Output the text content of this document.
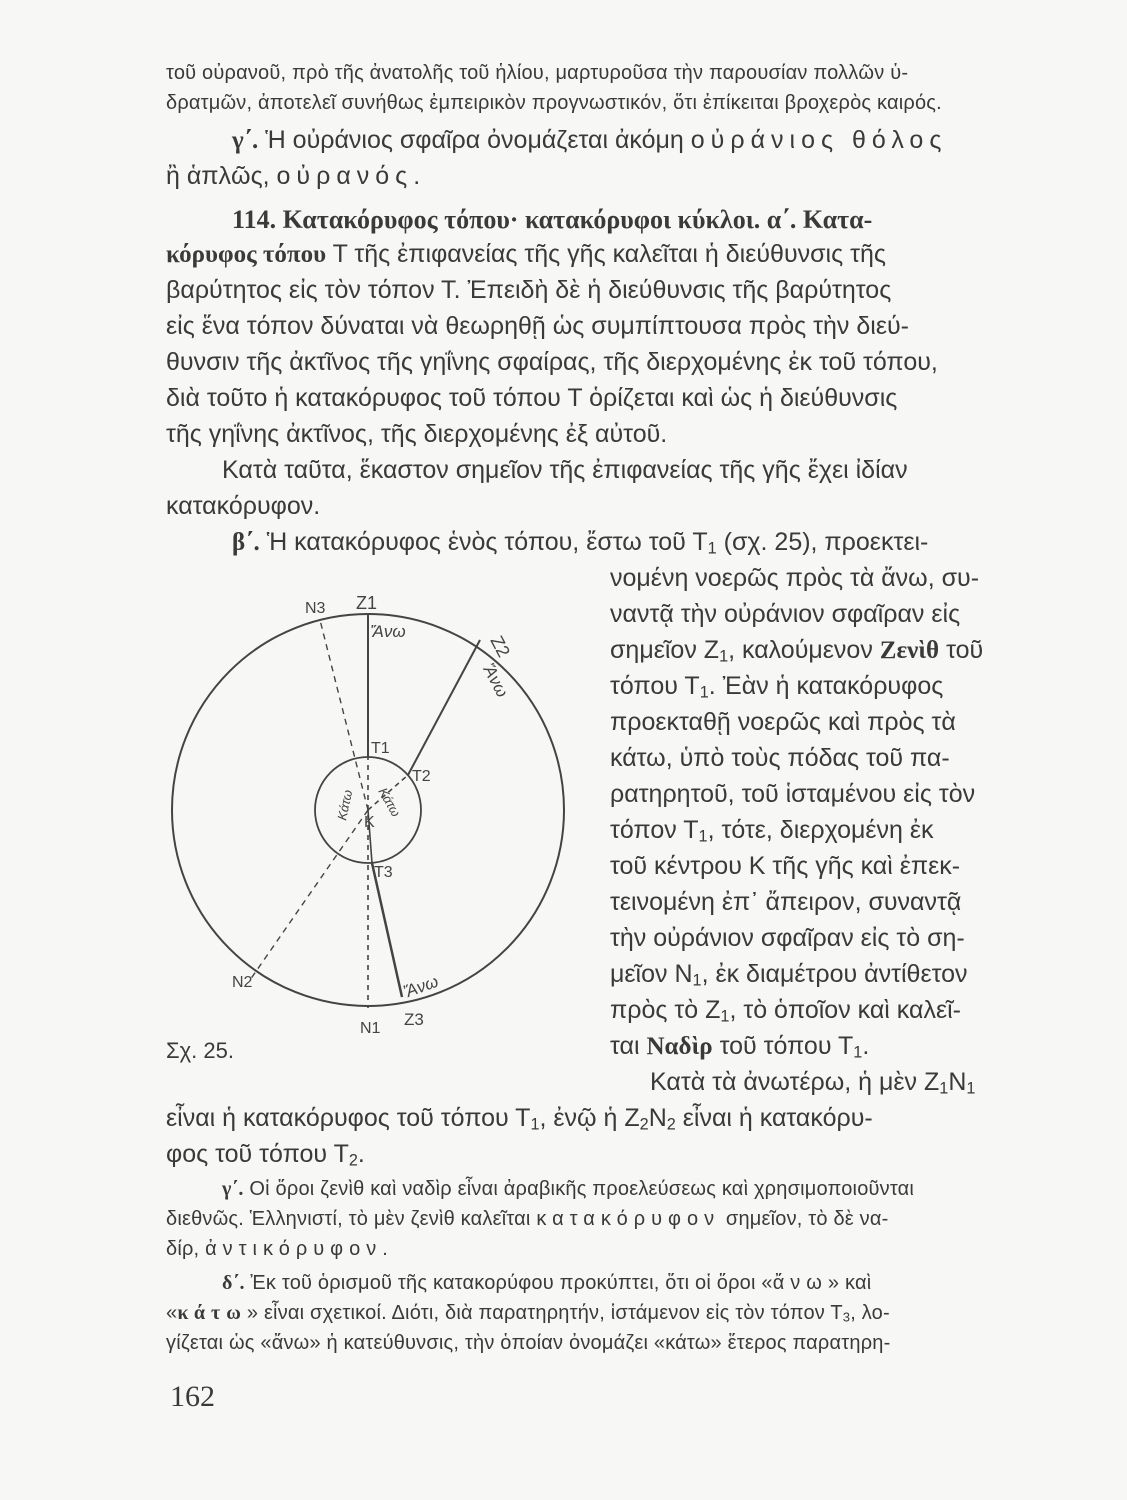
τοῦ οὐρανοῦ, πρὸ τῆς ἀνατολῆς τοῦ ἡλίου, μαρτυροῦσα τὴν παρουσίαν πολλῶν ὑ-
δρατμῶν, ἀποτελεῖ συνήθως ἐμπειρικὸν προγνωστικόν, ὅτι ἐπίκειται βροχερὸς καιρός.
γ΄. Ἡ οὐράνιος σφαῖρα ὀνομάζεται ἀκόμη οὐράνιος θόλος
ἢ ἁπλῶς, οὐρανός.
114. Κατακόρυφος τόπου· κατακόρυφοι κύκλοι. α΄. Κατα-
κόρυφος τόπου Τ τῆς ἐπιφανείας τῆς γῆς καλεῖται ἡ διεύθυνσις τῆς
βαρύτητος εἰς τὸν τόπον Τ. Ἐπειδὴ δὲ ἡ διεύθυνσις τῆς βαρύτητος
εἰς ἕνα τόπον δύναται νὰ θεωρηθῇ ὡς συμπίπτουσα πρὸς τὴν διεύ-
θυνσιν τῆς ἀκτῖνος τῆς γηΐνης σφαίρας, τῆς διερχομένης ἐκ τοῦ τόπου,
διὰ τοῦτο ἡ κατακόρυφος τοῦ τόπου Τ ὁρίζεται καὶ ὡς ἡ διεύθυνσις
τῆς γηΐνης ἀκτῖνος, τῆς διερχομένης ἐξ αὐτοῦ.
Κατὰ ταῦτα, ἕκαστον σημεῖον τῆς ἐπιφανείας τῆς γῆς ἔχει ἰδίαν
κατακόρυφον.
β΄. Ἡ κατακόρυφος ἑνὸς τόπου, ἔστω τοῦ $T_1$ (σχ. 25), προεκτει-
νομένη νοερῶς πρὸς τὰ ἄνω, συ-
ναντᾷ τὴν οὐράνιον σφαῖραν εἰς
σημεῖον $Z_1$, καλούμενον Ζενὶθ τοῦ
τόπου $T_1$. Ἐὰν ἡ κατακόρυφος
προεκταθῇ νοερῶς καὶ πρὸς τὰ
κάτω, ὑπὸ τοὺς πόδας τοῦ πα-
ρατηρητοῦ, τοῦ ἱσταμένου εἰς τὸν
τόπον $T_1$, τότε, διερχομένη ἐκ
τοῦ κέντρου Κ τῆς γῆς καὶ ἐπεκ-
τεινομένη ἐπ᾽ ἄπειρον, συναντᾷ
τὴν οὐράνιον σφαῖραν εἰς τὸ ση-
μεῖον $N_1$, ἐκ διαμέτρου ἀντίθετον
πρὸς τὸ $Z_1$, τὸ ὁποῖον καὶ καλεῖ-
ται Ναδὶρ τοῦ τόπου $T_1$.
Κατὰ τὰ ἀνωτέρω, ἡ μὲν $Z_1N_1$
εἶναι ἡ κατακόρυφος τοῦ τόπου $T_1$, ἐνῷ ἡ $Z_2N_2$ εἶναι ἡ κατακόρυ-
φος τοῦ τόπου $T_2$.
γ΄. Οἱ ὅροι ζενὶθ καὶ ναδὶρ εἶναι ἀραβικῆς προελεύσεως καὶ χρησιμοποιοῦνται
διεθνῶς. Ἑλληνιστί, τὸ μὲν ζενὶθ καλεῖται κατακόρυφον σημεῖον, τὸ δὲ να-
δίρ, ἀντικόρυφον.
δ΄. Ἐκ τοῦ ὁρισμοῦ τῆς κατακορύφου προκύπτει, ὅτι οἱ ὅροι «ἄνω» καὶ
«κάτω» εἶναι σχετικοί. Διότι, διὰ παρατηρητήν, ἱστάμενον εἰς τὸν τόπον $T_3$, λο-
γίζεται ὡς «ἄνω» ἡ κατεύθυνσις, τὴν ὁποίαν ὀνομάζει «κάτω» ἕτερος παρατηρη-
Z1
N3
Ἄνω
Z2
Ἄνω
T1
T2
T3
K
Κάτω Κάτω
N2
N1 Z3
Ἄνω
Σχ. 25.
162
